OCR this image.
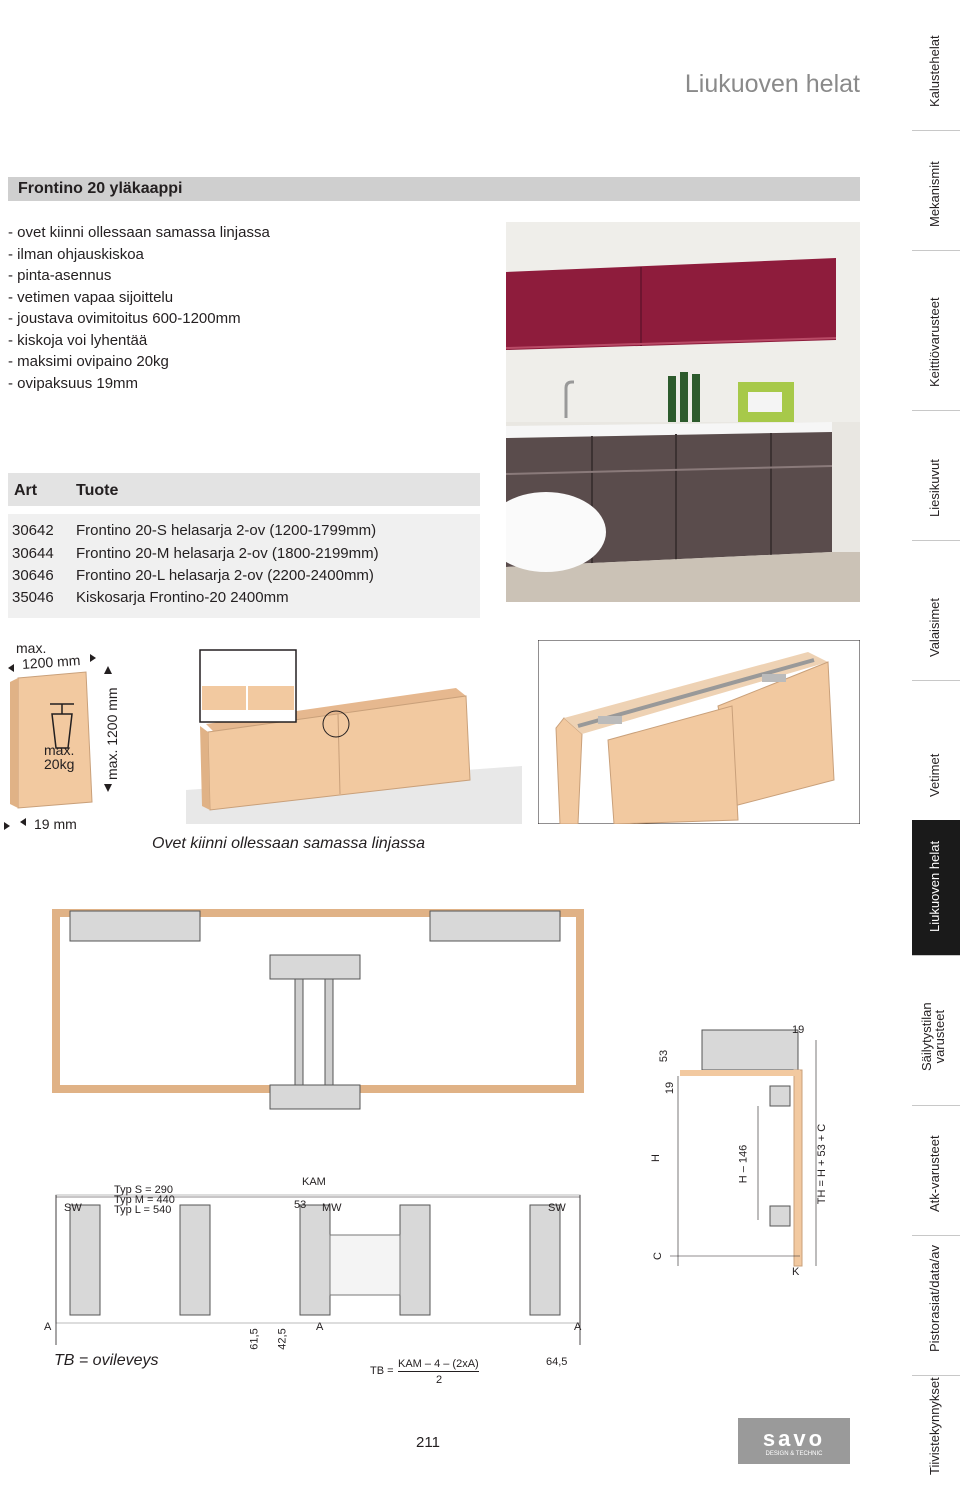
Liukuoven helat
Frontino 20 yläkaappi
- ovet kiinni ollessaan samassa linjassa
- ilman ohjauskiskoa
- pinta-asennus
- vetimen vapaa sijoittelu
- joustava ovimitoitus 600-1200mm
- kiskoja voi lyhentää
- maksimi ovipaino 20kg
- ovipaksuus 19mm
Art Tuote
30642 Frontino 20-S helasarja 2-ov (1200-1799mm)
30644 Frontino 20-M helasarja 2-ov (1800-2199mm)
30646 Frontino 20-L helasarja 2-ov (2200-2400mm)
35046 Kiskosarja Frontino-20 2400mm
max.
1200 mm
max. 1200 mm
max.
20kg
19 mm
Ovet kiinni ollessaan samassa linjassa
SW	SW
Typ S = 290
Typ M = 440
Typ L = 540
KAM
53 MW
A	A	A
61,5 42,5
TB =
KAM – 4 – (2xA)
2
64,5
19
53
19
H	H – 146	TH = H + 53 + C
C
K
TB = ovileveys
211	savo
DESIGN & TECHNIC
Kalustehelat
Mekanismit
Keittiövarusteet
Liesikuvut
Valaisimet
Vetimet
Liukuoven helat
Säilytystilan
varusteet
Atk-varusteet
Pistorasiat/data/av
Tiivistekynnykset
